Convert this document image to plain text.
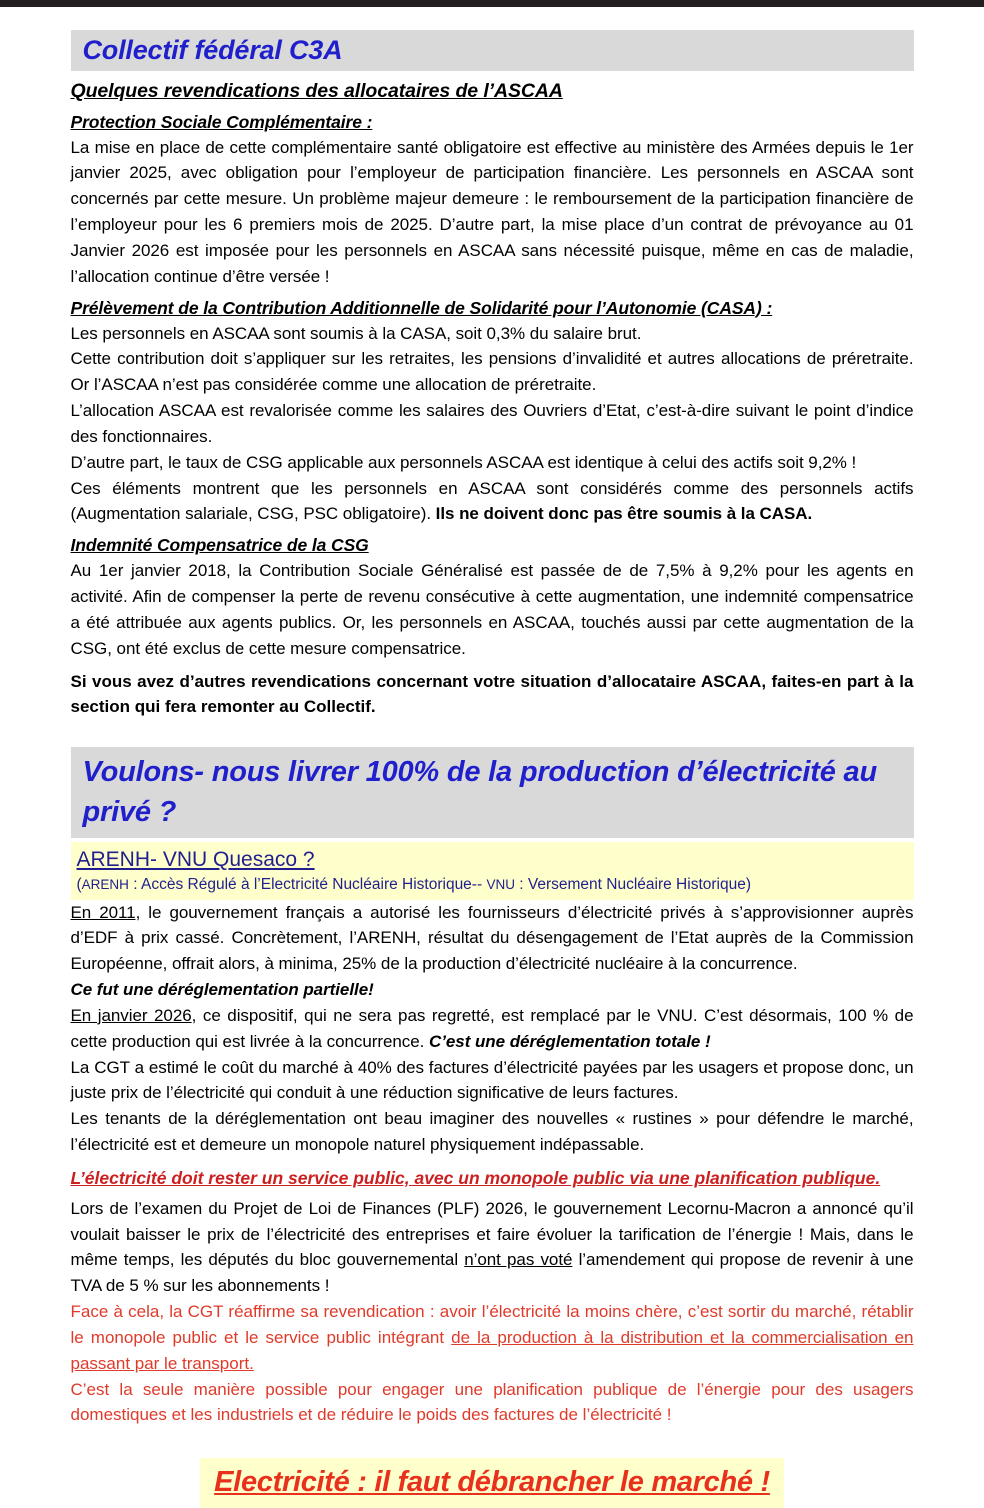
Collectif fédéral C3A
Quelques revendications des allocataires de l’ASCAA
Protection Sociale Complémentaire :

La mise en place de cette complémentaire santé obligatoire est effective au ministère des Armées depuis le 1er janvier 2025, avec obligation pour l’employeur de participation financière. Les personnels en ASCAA sont concernés par cette mesure. Un problème majeur demeure : le remboursement de la participation financière de l’employeur pour les 6 premiers mois de 2025. D’autre part, la mise place d’un contrat de prévoyance au 01 Janvier 2026 est imposée pour les personnels en ASCAA sans nécessité puisque, même en cas de maladie, l’allocation continue d’être versée !

Prélèvement de la Contribution Additionnelle de Solidarité pour l’Autonomie (CASA) :

Les personnels en ASCAA sont soumis à la CASA, soit 0,3% du salaire brut.

Cette contribution doit s’appliquer sur les retraites, les pensions d’invalidité et autres allocations de préretraite. Or l’ASCAA n’est pas considérée comme une allocation de préretraite.

L’allocation ASCAA est revalorisée comme les salaires des Ouvriers d’Etat, c’est-à-dire suivant le point d’indice des fonctionnaires.

D’autre part, le taux de CSG applicable aux personnels ASCAA est identique à celui des actifs soit 9,2% !

Ces éléments montrent que les personnels en ASCAA sont considérés comme des personnels actifs (Augmentation salariale, CSG, PSC obligatoire). Ils ne doivent donc pas être soumis à la CASA.

Indemnité Compensatrice de la CSG

Au 1er janvier 2018, la Contribution Sociale Généralisé est passée de de 7,5% à 9,2% pour les agents en activité. Afin de compenser la perte de revenu consécutive à cette augmentation, une indemnité compensatrice a été attribuée aux agents publics. Or, les personnels en ASCAA, touchés aussi par cette augmentation de la CSG, ont été exclus de cette mesure compensatrice.

Si vous avez d’autres revendications concernant votre situation d’allocataire ASCAA, faites-en part à la section qui fera remonter au Collectif.

Voulons- nous livrer 100% de la production d’électricité au privé ?
ARENH- VNU Quesaco ?
(ARENH : Accès Régulé à l’Electricité Nucléaire Historique-- VNU : Versement Nucléaire Historique)

En 2011, le gouvernement français a autorisé les fournisseurs d’électricité privés à s’approvisionner auprès d’EDF à prix cassé. Concrètement, l’ARENH, résultat du désengagement de l’Etat auprès de la Commission Européenne, offrait alors, à minima, 25% de la production d’électricité nucléaire à la concurrence.

Ce fut une déréglementation partielle!

En janvier 2026, ce dispositif, qui ne sera pas regretté, est remplacé par le VNU. C’est désormais, 100 % de cette production qui est livrée à la concurrence. C’est une déréglementation totale !

La CGT a estimé le coût du marché à 40% des factures d’électricité payées par les usagers et propose donc, un juste prix de l’électricité qui conduit à une réduction significative de leurs factures.

Les tenants de la déréglementation ont beau imaginer des nouvelles « rustines » pour défendre le marché, l’électricité est et demeure un monopole naturel physiquement indépassable.

L’électricité doit rester un service public, avec un monopole public via une planification publique.

Lors de l’examen du Projet de Loi de Finances (PLF) 2026, le gouvernement Lecornu-Macron a annoncé qu’il voulait baisser le prix de l’électricité des entreprises et faire évoluer la tarification de l’énergie ! Mais, dans le même temps, les députés du bloc gouvernemental n’ont pas voté l’amendement qui propose de revenir à une TVA de 5 % sur les abonnements !

Face à cela, la CGT réaffirme sa revendication : avoir l’électricité la moins chère, c’est sortir du marché, rétablir le monopole public et le service public intégrant de la production à la distribution et la commercialisation en passant par le transport.

C’est la seule manière possible pour engager une planification publique de l’énergie pour des usagers domestiques et les industriels et de réduire le poids des factures de l’électricité !

Electricité : il faut débrancher le marché !
